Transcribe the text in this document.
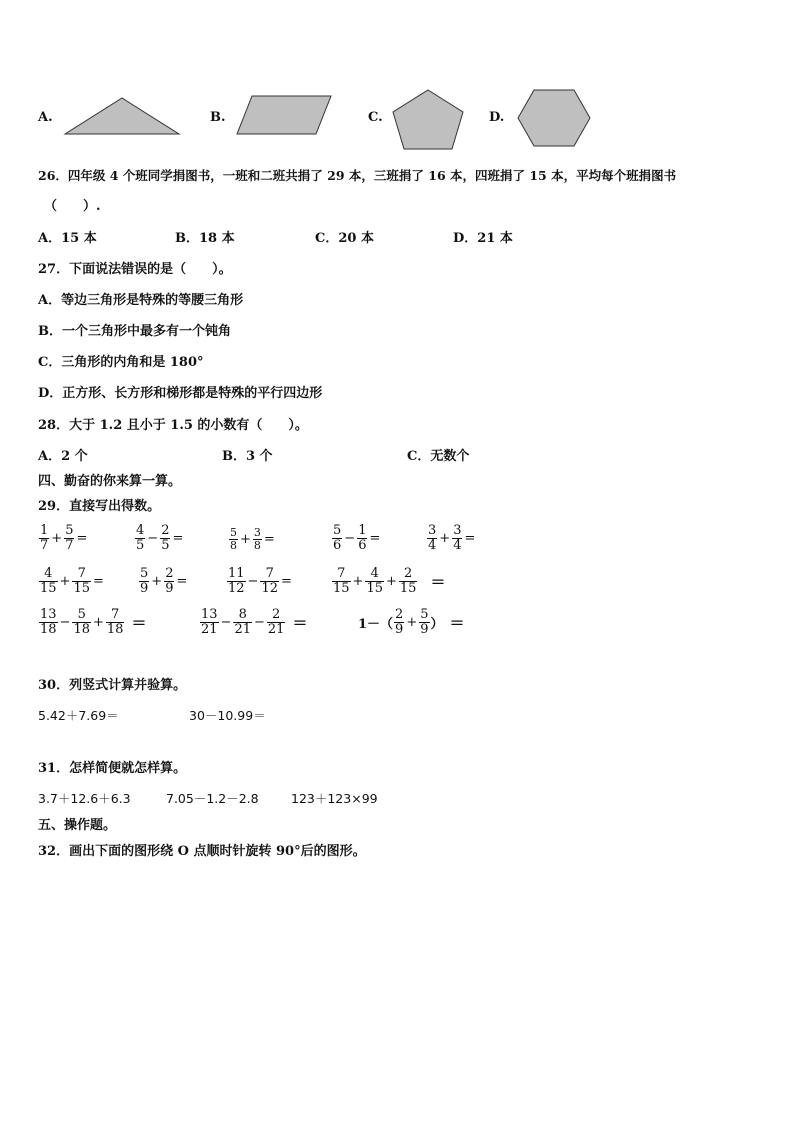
A.	B.	C.	D.
26．四年级 4 个班同学捐图书，一班和二班共捐了 29 本，三班捐了 16 本，四班捐了 15 本，平均每个班捐图书
（　　）.
A．15 本	B．18 本	C．20 本	D．21 本
27．下面说法错误的是（　　）。
A．等边三角形是特殊的等腰三角形
B．一个三角形中最多有一个钝角
C．三角形的内角和是 180°
D．正方形、长方形和梯形都是特殊的平行四边形
28．大于 1.2 且小于 1.5 的小数有（　　）。
A．2 个	B．3 个	C．无数个
四、勤奋的你来算一算。
29．直接写出得数。
$\frac{1}{7} + \frac{5}{7}$ =	$\frac{4}{5} - \frac{2}{5}$ =	$\frac{5}{8} + \frac{3}{8}$ =	$\frac{5}{6} - \frac{1}{6}$ =	$\frac{3}{4} + \frac{3}{4}$ =
$\frac{4}{15} + \frac{7}{15}$ =	$\frac{5}{9} + \frac{2}{9}$ =	$\frac{11}{12} - \frac{7}{12}$ =	$\frac{7}{15} + \frac{4}{15} + \frac{2}{15}$ ＝
$\frac{13}{18} - \frac{5}{18} + \frac{7}{18}$ ＝	$\frac{13}{21} - \frac{8}{21} - \frac{2}{21}$ ＝	$1-( \frac{2}{9} + \frac{5}{9}$ ） ＝
30．列竖式计算并验算。
5.42＋7.69＝	30－10.99＝
31．怎样简便就怎样算。
3.7＋12.6＋6.3	7.05－1.2－2.8	123＋123×99
五、操作题。
32．画出下面的图形绕 O 点顺时针旋转 90°后的图形。
